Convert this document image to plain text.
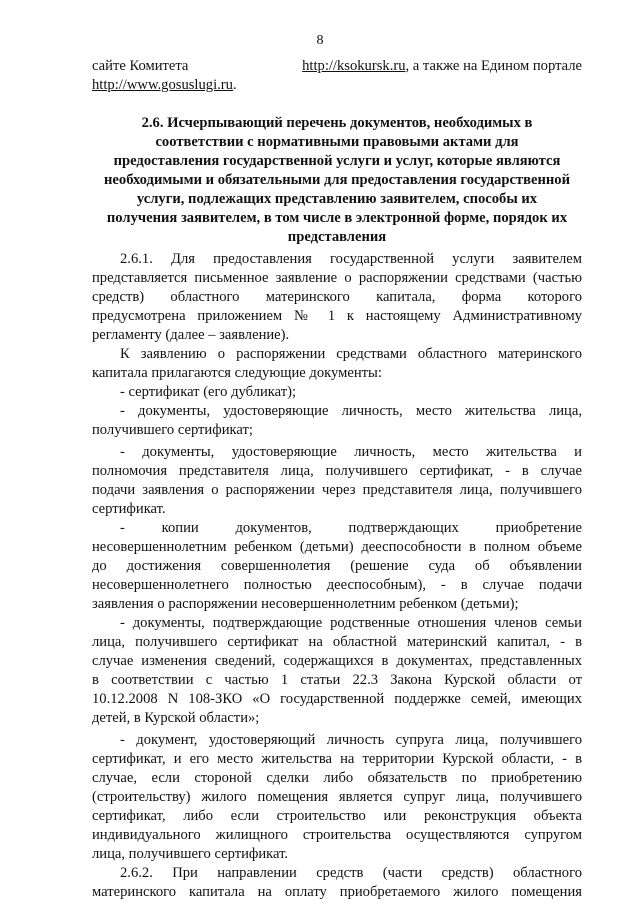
8
сайте Комитета	http://ksokursk.ru, а также на Едином портале
http://www.gosuslugi.ru.
2.6. Исчерпывающий перечень документов, необходимых в
соответствии с нормативными правовыми актами для
предоставления государственной услуги и услуг, которые являются
необходимыми и обязательными для предоставления государственной
услуги, подлежащих представлению заявителем, способы их
получения заявителем, в том числе в электронной форме, порядок их
представления
2.6.1. Для предоставления государственной услуги заявителем
представляется письменное заявление о распоряжении средствами (частью
средств) областного материнского капитала, форма которого
предусмотрена приложением № 1 к настоящему Административному
регламенту (далее – заявление).
К заявлению о распоряжении средствами областного материнского
капитала прилагаются следующие документы:
- сертификат (его дубликат);
- документы, удостоверяющие личность, место жительства лица,
получившего сертификат;
- документы, удостоверяющие личность, место жительства и
полномочия представителя лица, получившего сертификат, - в случае
подачи заявления о распоряжении через представителя лица, получившего
сертификат.
- копии документов, подтверждающих приобретение
несовершеннолетним ребенком (детьми) дееспособности в полном объеме
до достижения совершеннолетия (решение суда об объявлении
несовершеннолетнего полностью дееспособным), - в случае подачи
заявления о распоряжении несовершеннолетним ребенком (детьми);
- документы, подтверждающие родственные отношения членов семьи
лица, получившего сертификат на областной материнский капитал, - в
случае изменения сведений, содержащихся в документах, представленных
в соответствии с частью 1 статьи 22.3 Закона Курской области от
10.12.2008 N 108-ЗКО «О государственной поддержке семей, имеющих
детей, в Курской области»;
- документ, удостоверяющий личность супруга лица, получившего
сертификат, и его место жительства на территории Курской области, - в
случае, если стороной сделки либо обязательств по приобретению
(строительству) жилого помещения является супруг лица, получившего
сертификат, либо если строительство или реконструкция объекта
индивидуального жилищного строительства осуществляются супругом
лица, получившего сертификат.
2.6.2. При направлении средств (части средств) областного
материнского капитала на оплату приобретаемого жилого помещения
